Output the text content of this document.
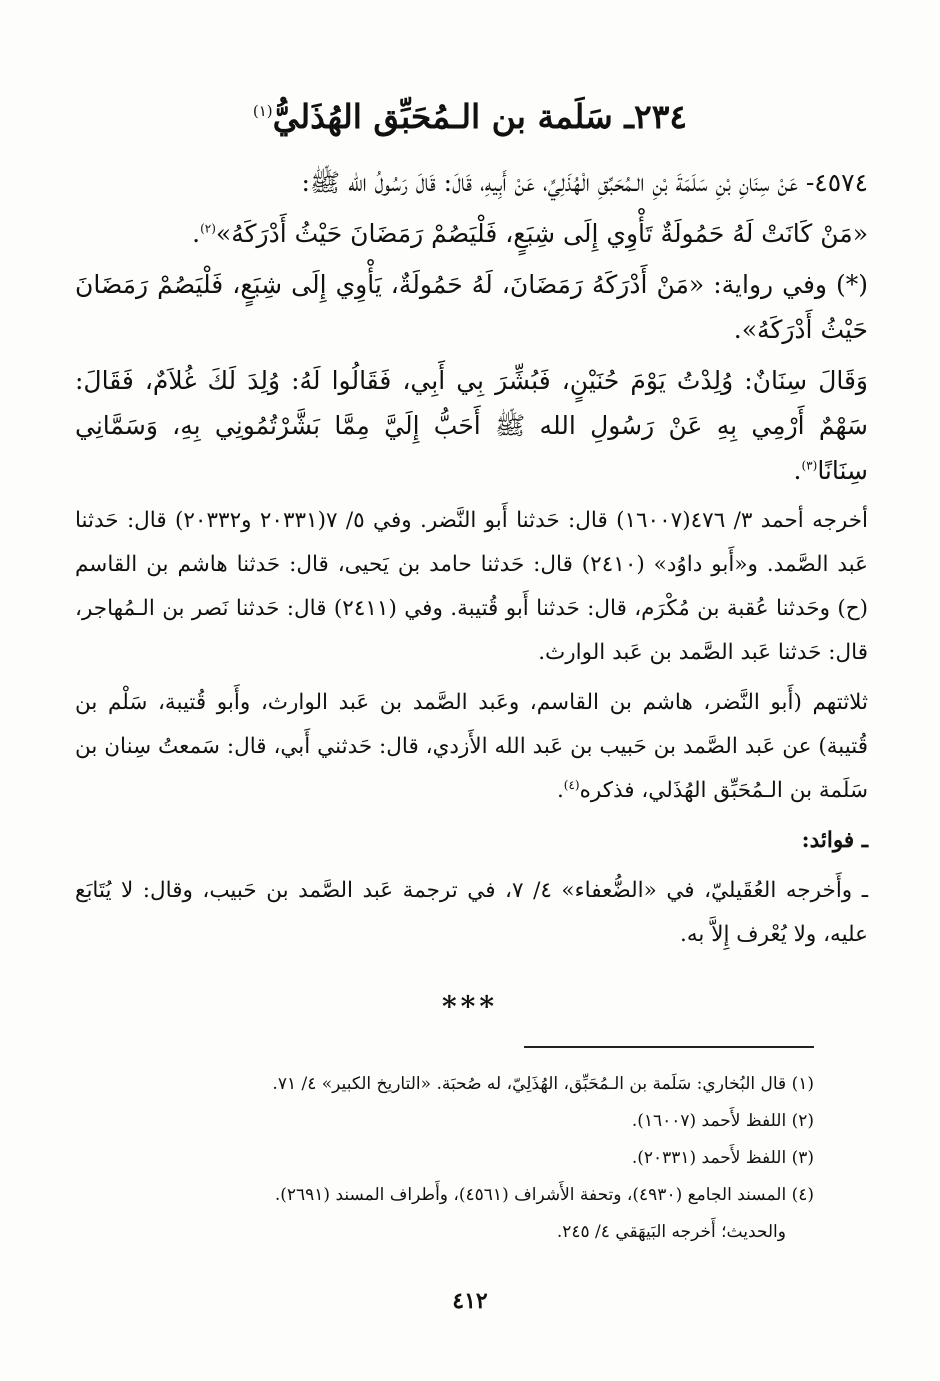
٢٣٤ـ سَلَمة بن الـمُحَبِّق الهُذَليُّ$^{(١)}$

٤٥٧٤- عَنْ سِنَانِ بْنِ سَلَمَةَ بْنِ الـمُحَبِّقِ الْهُذَلِيِّ، عَنْ أَبِيهِ، قَالَ: قَالَ رَسُولُ الله ﷺ:

«مَنْ كَانَتْ لَهُ حَمُولَةٌ تَأْوِي إِلَى شِبَعٍ، فَلْيَصُمْ رَمَضَانَ حَيْثُ أَدْرَكَهُ»$^{(٢)}$.

(*) وفي رواية: «مَنْ أَدْرَكَهُ رَمَضَانَ، لَهُ حَمُولَةٌ، يَأْوِي إِلَى شِبَعٍ، فَلْيَصُمْ رَمَضَانَ حَيْثُ أَدْرَكَهُ».

وَقَالَ سِنَانٌ: وُلِدْتُ يَوْمَ حُنَيْنٍ، فَبُشِّرَ بِي أَبِي، فَقَالُوا لَهُ: وُلِدَ لَكَ غُلاَمٌ، فَقَالَ: سَهْمٌ أَرْمِي بِهِ عَنْ رَسُولِ الله ﷺ أَحَبُّ إِلَيَّ مِمَّا بَشَّرْتُمُونِي بِهِ، وَسَمَّانِي سِنَانًا$^{(٣)}$.

أخرجه أحمد ٣/ ٤٧٦(١٦٠٠٧) قال: حَدثنا أَبو النَّضر. وفي ٥/ ٧(٢٠٣٣١ و٢٠٣٣٢) قال: حَدثنا عَبد الصَّمد. و«أَبو داوُد» (٢٤١٠) قال: حَدثنا حامد بن يَحيى، قال: حَدثنا هاشم بن القاسم (ح) وحَدثنا عُقبة بن مُكْرَم، قال: حَدثنا أَبو قُتيبة. وفي (٢٤١١) قال: حَدثنا نَصر بن الـمُهاجر، قال: حَدثنا عَبد الصَّمد بن عَبد الوارث.

ثلاثتهم (أَبو النَّضر، هاشم بن القاسم، وعَبد الصَّمد بن عَبد الوارث، وأَبو قُتيبة، سَلْم بن قُتيبة) عن عَبد الصَّمد بن حَبيب بن عَبد الله الأَزدي، قال: حَدثني أَبي، قال: سَمعتُ سِنان بن سَلَمة بن الـمُحَبِّق الهُذَلي، فذكره$^{(٤)}$.

ـ فوائد:

ـ وأَخرجه العُقَيليّ، في «الضُّعفاء» ٤/ ٧، في ترجمة عَبد الصَّمد بن حَبيب، وقال: لا يُتَابَع عليه، ولا يُعْرف إِلاَّ به.

***
(١) قال البُخاري: سَلَمة بن الـمُحَبِّق، الهُذَلِيّ، له صُحبَة. «التاريخ الكبير» ٤/ ٧١.
(٢) اللفظ لأَحمد (١٦٠٠٧).
(٣) اللفظ لأَحمد (٢٠٣٣١).
(٤) المسند الجامع (٤٩٣٠)، وتحفة الأَشراف (٤٥٦١)، وأَطراف المسند (٢٦٩١).
والحديث؛ أَخرجه البَيهَقي ٤/ ٢٤٥.
٤١٢
